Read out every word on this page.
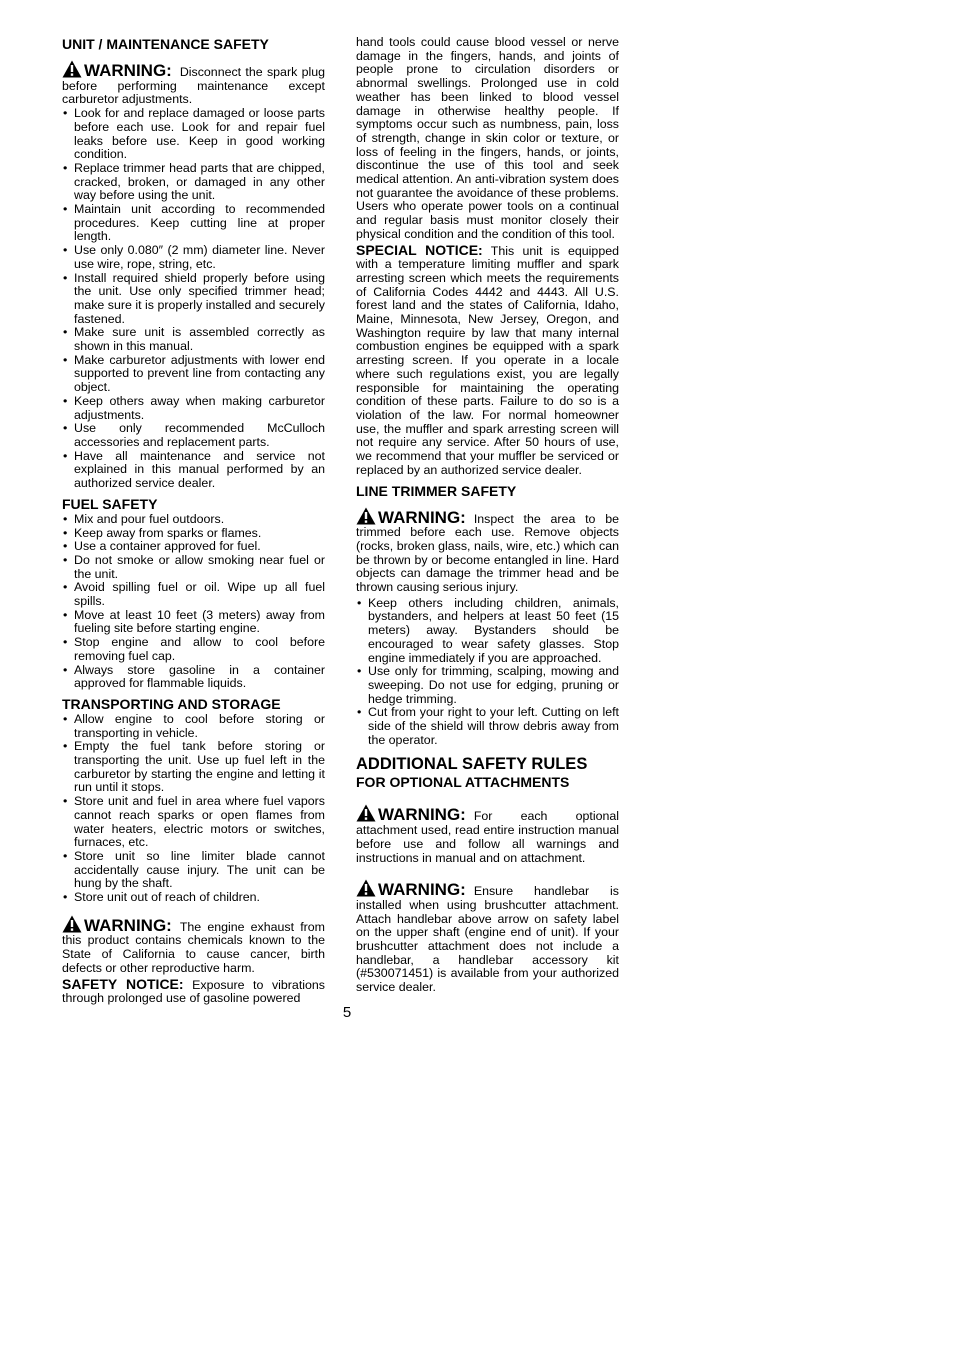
UNIT / MAINTENANCE SAFETY

WARNING: Disconnect the spark plug before performing maintenance except carburetor adjustments.

• Look for and replace damaged or loose parts before each use. Look for and repair fuel leaks before use. Keep in good working condition.
• Replace trimmer head parts that are chipped, cracked, broken, or damaged in any other way before using the unit.
• Maintain unit according to recommended procedures. Keep cutting line at proper length.
• Use only 0.080″ (2 mm) diameter line. Never use wire, rope, string, etc.
• Install required shield properly before using the unit. Use only specified trimmer head; make sure it is properly installed and securely fastened.
• Make sure unit is assembled correctly as shown in this manual.
• Make carburetor adjustments with lower end supported to prevent line from contacting any object.
• Keep others away when making carburetor adjustments.
• Use only recommended McCulloch accessories and replacement parts.
• Have all maintenance and service not explained in this manual performed by an authorized service dealer.
FUEL SAFETY
• Mix and pour fuel outdoors.
• Keep away from sparks or flames.
• Use a container approved for fuel.
• Do not smoke or allow smoking near fuel or the unit.
• Avoid spilling fuel or oil. Wipe up all fuel spills.
• Move at least 10 feet (3 meters) away from fueling site before starting engine.
• Stop engine and allow to cool before removing fuel cap.
• Always store gasoline in a container approved for flammable liquids.
TRANSPORTING AND STORAGE
• Allow engine to cool before storing or transporting in vehicle.
• Empty the fuel tank before storing or transporting the unit. Use up fuel left in the carburetor by starting the engine and letting it run until it stops.
• Store unit and fuel in area where fuel vapors cannot reach sparks or open flames from water heaters, electric motors or switches, furnaces, etc.
• Store unit so line limiter blade cannot accidentally cause injury. The unit can be hung by the shaft.
• Store unit out of reach of children.

WARNING: The engine exhaust from this product contains chemicals known to the State of California to cause cancer, birth defects or other reproductive harm.

SAFETY NOTICE: Exposure to vibrations through prolonged use of gasoline powered

hand tools could cause blood vessel or nerve damage in the fingers, hands, and joints of people prone to circulation disorders or abnormal swellings. Prolonged use in cold weather has been linked to blood vessel damage in otherwise healthy people. If symptoms occur such as numbness, pain, loss of strength, change in skin color or texture, or loss of feeling in the fingers, hands, or joints, discontinue the use of this tool and seek medical attention. An anti-vibration system does not guarantee the avoidance of these problems. Users who operate power tools on a continual and regular basis must monitor closely their physical condition and the condition of this tool.

SPECIAL NOTICE: This unit is equipped with a temperature limiting muffler and spark arresting screen which meets the requirements of California Codes 4442 and 4443. All U.S. forest land and the states of California, Idaho, Maine, Minnesota, New Jersey, Oregon, and Washington require by law that many internal combustion engines be equipped with a spark arresting screen. If you operate in a locale where such regulations exist, you are legally responsible for maintaining the operating condition of these parts. Failure to do so is a violation of the law. For normal homeowner use, the muffler and spark arresting screen will not require any service. After 50 hours of use, we recommend that your muffler be serviced or replaced by an authorized service dealer.

LINE TRIMMER SAFETY

WARNING: Inspect the area to be trimmed before each use. Remove objects (rocks, broken glass, nails, wire, etc.) which can be thrown by or become entangled in line. Hard objects can damage the trimmer head and be thrown causing serious injury.

• Keep others including children, animals, bystanders, and helpers at least 50 feet (15 meters) away. Bystanders should be encouraged to wear safety glasses. Stop engine immediately if you are approached.
• Use only for trimming, scalping, mowing and sweeping. Do not use for edging, pruning or hedge trimming.
• Cut from your right to your left. Cutting on left side of the shield will throw debris away from the operator.
ADDITIONAL SAFETY RULES
FOR OPTIONAL ATTACHMENTS

WARNING: For each optional attachment used, read entire instruction manual before use and follow all warnings and instructions in manual and on attachment.

WARNING: Ensure handlebar is installed when using brushcutter attachment. Attach handlebar above arrow on safety label on the upper shaft (engine end of unit). If your brushcutter attachment does not include a handlebar, a handlebar accessory kit (#530071451) is available from your authorized service dealer.

5
